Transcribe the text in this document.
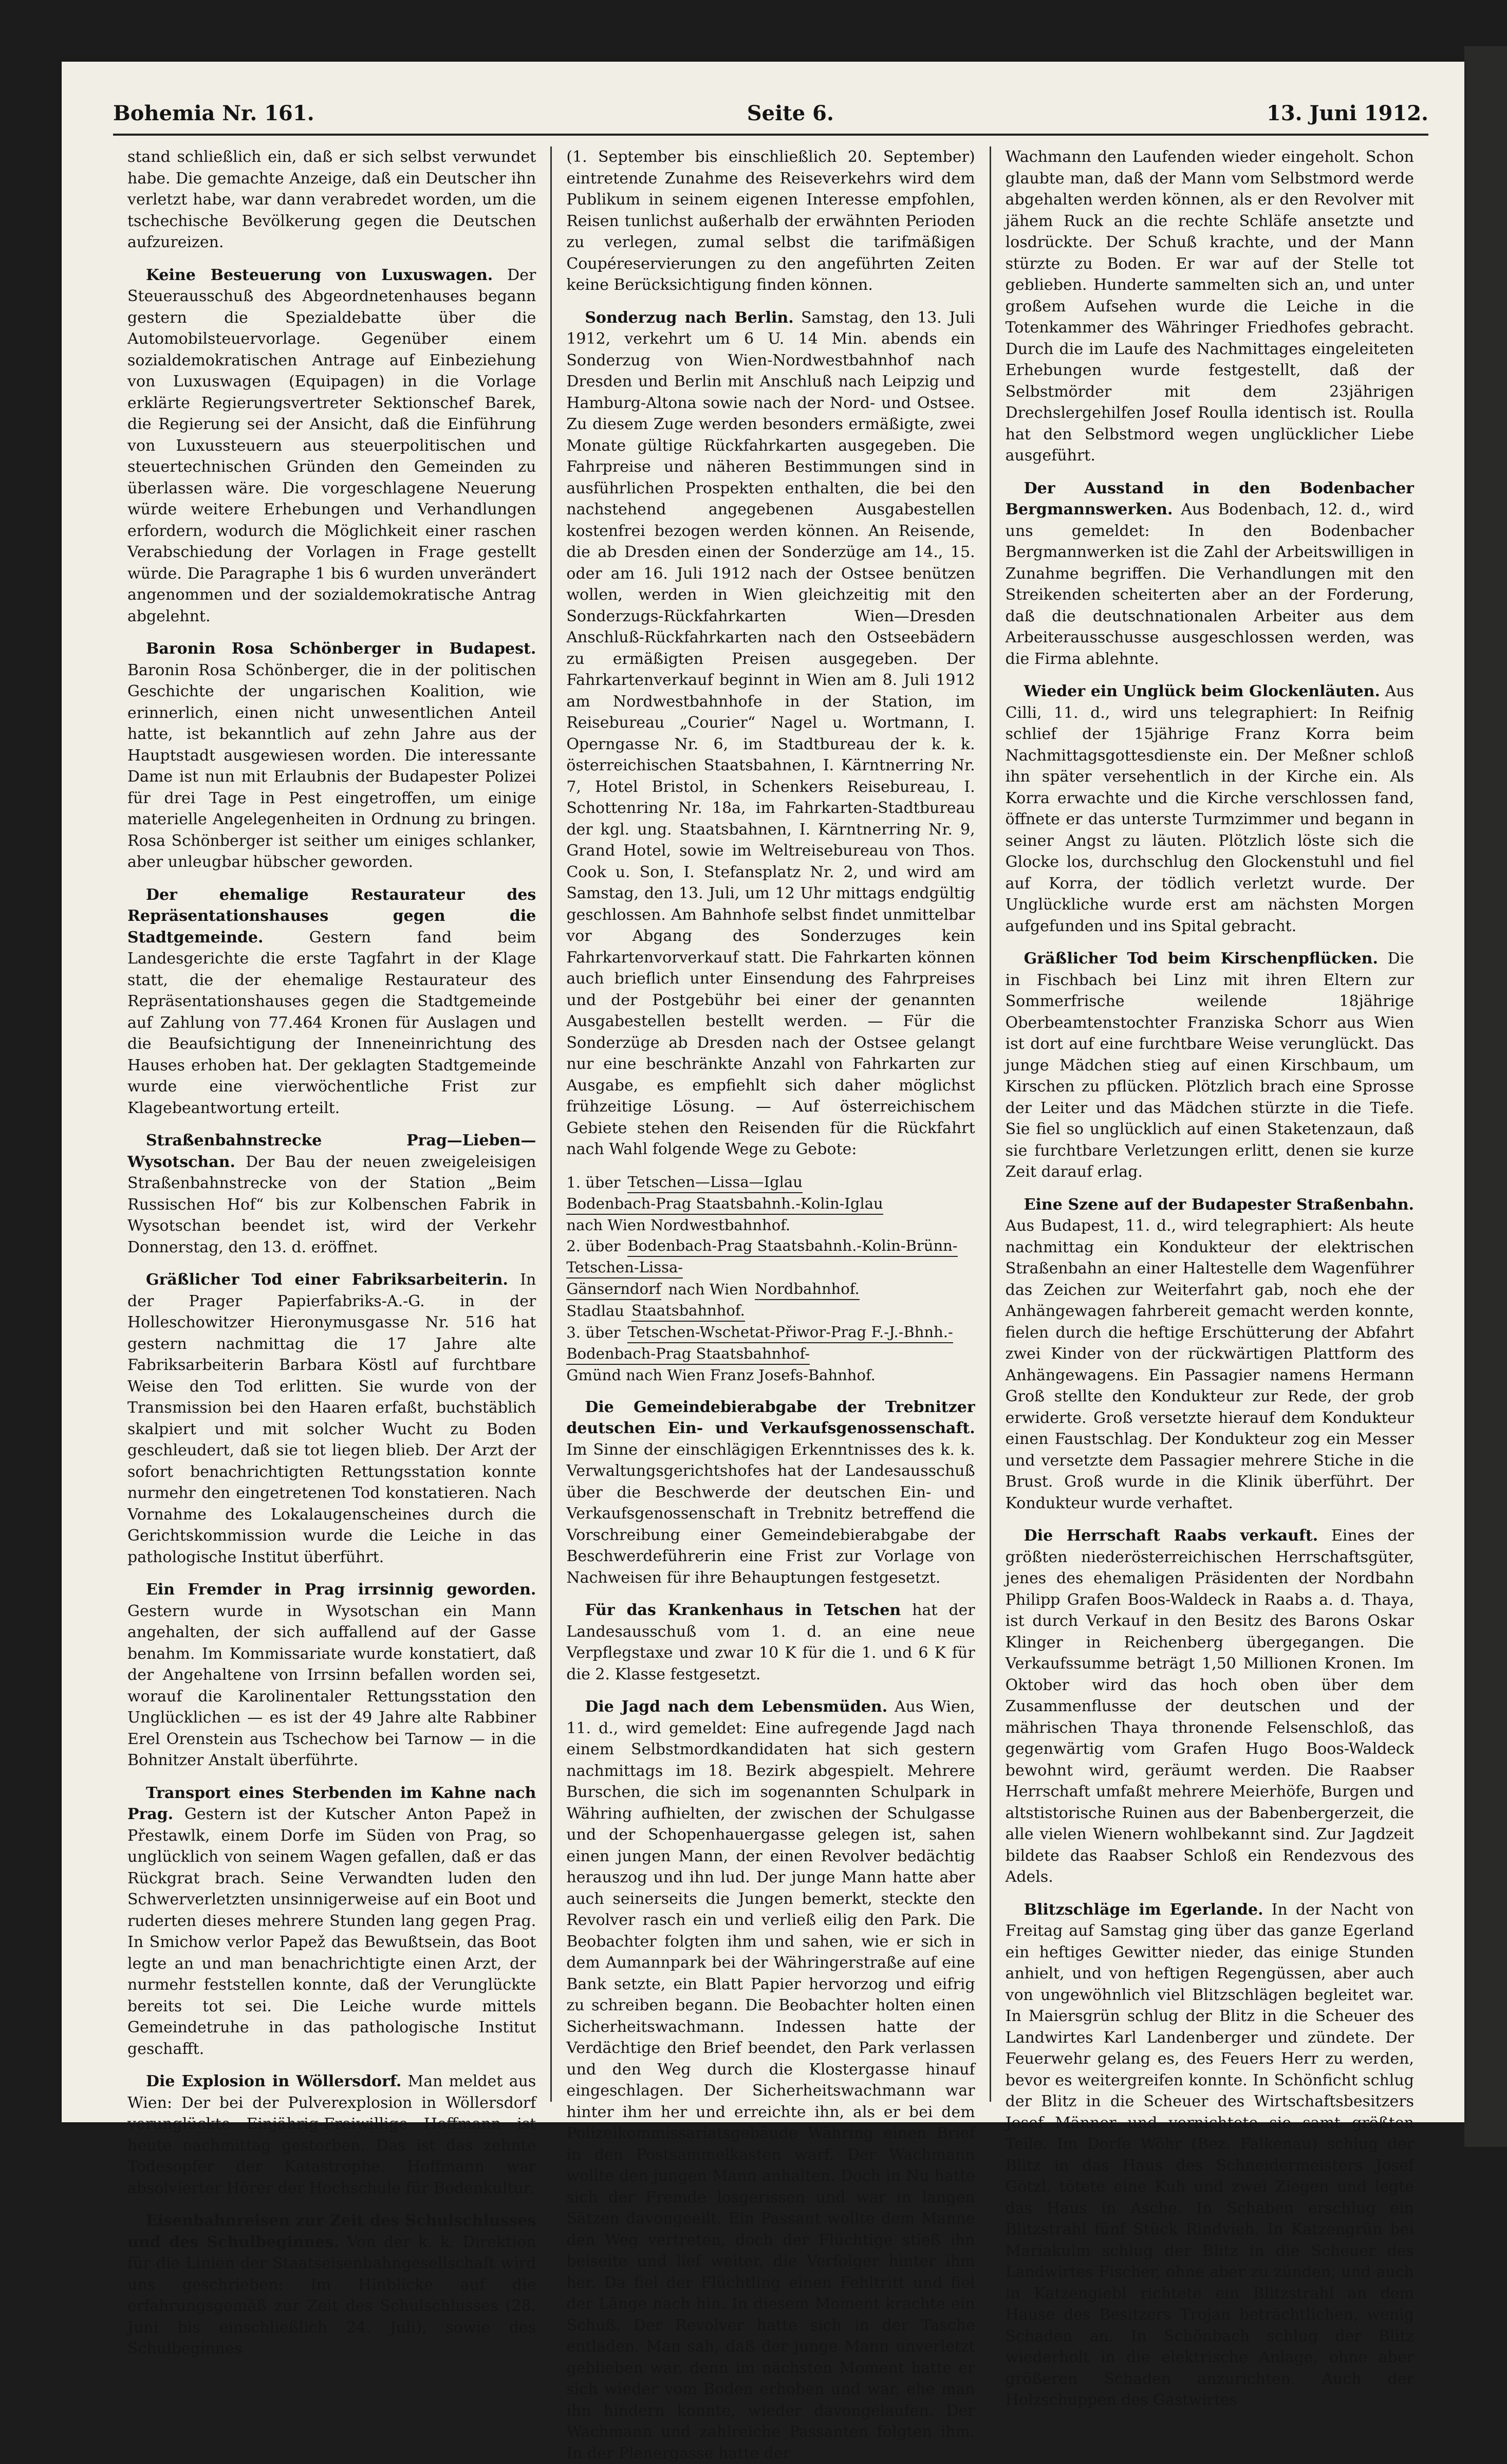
Bohemia Nr. 161.	Seite 6.	13. Juni 1912.

stand schließlich ein, daß er sich selbst verwundet habe. Die gemachte Anzeige, daß ein Deutscher ihn verletzt habe, war dann verabredet worden, um die tschechische Bevölkerung gegen die Deutschen aufzureizen.

Keine Besteuerung von Luxuswagen. Der Steuerausschuß des Abgeordnetenhauses begann gestern die Spezialdebatte über die Automobilsteuervorlage. Gegenüber einem sozialdemokratischen Antrage auf Einbeziehung von Luxuswagen (Equipagen) in die Vorlage erklärte Regierungsvertreter Sektionschef Barek, die Regierung sei der Ansicht, daß die Einführung von Luxussteuern aus steuerpolitischen und steuertechnischen Gründen den Gemeinden zu überlassen wäre. Die vorgeschlagene Neuerung würde weitere Erhebungen und Verhandlungen erfordern, wodurch die Möglichkeit einer raschen Verabschiedung der Vorlagen in Frage gestellt würde. Die Paragraphe 1 bis 6 wurden unverändert angenommen und der sozialdemokratische Antrag abgelehnt.

Baronin Rosa Schönberger in Budapest. Baronin Rosa Schönberger, die in der politischen Geschichte der ungarischen Koalition, wie erinnerlich, einen nicht unwesentlichen Anteil hatte, ist bekanntlich auf zehn Jahre aus der Hauptstadt ausgewiesen worden. Die interessante Dame ist nun mit Erlaubnis der Budapester Polizei für drei Tage in Pest eingetroffen, um einige materielle Angelegenheiten in Ordnung zu bringen. Rosa Schönberger ist seither um einiges schlanker, aber unleugbar hübscher geworden.

Der ehemalige Restaurateur des Repräsentationshauses gegen die Stadtgemeinde.	Gestern fand beim Landesgerichte die erste Tagfahrt in der Klage statt, die der ehemalige Restaurateur des Repräsentationshauses gegen die Stadtgemeinde auf Zahlung von 77.464 Kronen für Auslagen und die Beaufsichtigung der Inneneinrichtung des Hauses erhoben hat. Der geklagten Stadtgemeinde wurde eine vierwöchentliche Frist zur Klagebeantwortung erteilt.

Straßenbahnstrecke Prag—Lieben—Wysotschan. Der Bau der neuen zweigeleisigen Straßenbahnstrecke von der Station „Beim Russischen Hof“ bis zur Kolbenschen Fabrik in Wysotschan beendet ist, wird der Verkehr Donnerstag, den 13. d. eröffnet.

Gräßlicher Tod einer Fabriksarbeiterin. In der Prager Papierfabriks-A.-G. in der Holleschowitzer Hieronymusgasse Nr. 516 hat gestern nachmittag die 17 Jahre alte Fabriksarbeiterin Barbara Köstl auf furchtbare Weise den Tod erlitten. Sie wurde von der Transmission bei den Haaren erfaßt, buchstäblich skalpiert und mit solcher Wucht zu Boden geschleudert, daß sie tot liegen blieb. Der Arzt der sofort benachrichtigten Rettungsstation konnte nurmehr den eingetretenen Tod konstatieren. Nach Vornahme des Lokalaugenscheines durch die Gerichtskommission wurde die Leiche in das pathologische Institut überführt.

Ein Fremder in Prag irrsinnig geworden. Gestern wurde in Wysotschan ein Mann angehalten, der sich auffallend auf der Gasse benahm. Im Kommissariate wurde konstatiert, daß der Angehaltene von Irrsinn befallen worden sei, worauf die Karolinentaler Rettungsstation den Unglücklichen — es ist der 49 Jahre alte Rabbiner Erel Orenstein aus Tschechow bei Tarnow — in die Bohnitzer Anstalt überführte.

Transport eines Sterbenden im Kahne nach Prag. Gestern ist der Kutscher Anton Papež in Přestawlk, einem Dorfe im Süden von Prag, so unglücklich von seinem Wagen gefallen, daß er das Rückgrat brach. Seine Verwandten luden den Schwerverletzten unsinnigerweise auf ein Boot und ruderten dieses mehrere Stunden lang gegen Prag. In Smichow verlor Papež das Bewußtsein, das Boot legte an und man benachrichtigte einen Arzt, der nurmehr feststellen konnte, daß der Verunglückte bereits tot sei. Die Leiche wurde mittels Gemeindetruhe in das pathologische Institut geschafft.

Die Explosion in Wöllersdorf. Man meldet aus Wien: Der bei der Pulverexplosion in Wöllersdorf verunglückte Einjährig-Freiwillige Hoffmann ist heute nachmittag gestorben. Das ist das zehnte Todesopfer der Katastrophe. Hoffmann war absolvierter Hörer der Hochschule für Bodenkultur.

Eisenbahnreisen zur Zeit des Schulschlusses und des Schulbeginnes. Von der k. k. Direktion für die Linien der Staatseisenbahngesellschaft wird uns geschrieben: Im Hinblicke auf die erfahrungsgemäß zur Zeit des Schulschlusses (28. Juni bis einschließlich 24. Juli), sowie des Schulbeginnes

(1. September bis einschließlich 20. September) eintretende Zunahme des Reiseverkehrs wird dem Publikum in seinem eigenen Interesse empfohlen, Reisen tunlichst außerhalb der erwähnten Perioden zu verlegen, zumal selbst die tarifmäßigen Coupéreservierungen zu den angeführten Zeiten keine Berücksichtigung finden können.

Sonderzug nach Berlin. Samstag, den 13. Juli 1912, verkehrt um 6 U. 14 Min. abends ein Sonderzug von Wien-Nordwestbahnhof nach Dresden und Berlin mit Anschluß nach Leipzig und Hamburg-Altona sowie nach der Nord- und Ostsee. Zu diesem Zuge werden besonders ermäßigte, zwei Monate gültige Rückfahrkarten ausgegeben. Die Fahrpreise und näheren Bestimmungen sind in ausführlichen Prospekten enthalten, die bei den nachstehend angegebenen Ausgabestellen kostenfrei bezogen werden können. An Reisende, die ab Dresden einen der Sonderzüge am 14., 15. oder am 16. Juli 1912 nach der Ostsee benützen wollen, werden in Wien gleichzeitig mit den Sonderzugs-Rückfahrkarten Wien—Dresden Anschluß-Rückfahrkarten nach den Ostseebädern zu ermäßigten Preisen ausgegeben. Der Fahrkartenverkauf beginnt in Wien am 8. Juli 1912 am Nordwestbahnhofe in der Station, im Reisebureau „Courier“ Nagel u. Wortmann, I. Operngasse Nr. 6, im Stadtbureau der k. k. österreichischen Staatsbahnen, I. Kärntnerring Nr. 7, Hotel Bristol, in Schenkers Reisebureau, I. Schottenring Nr. 18a, im Fahrkarten-Stadtbureau der kgl. ung. Staatsbahnen, I. Kärntnerring Nr. 9, Grand Hotel, sowie im Weltreisebureau von Thos. Cook u. Son, I. Stefansplatz Nr. 2, und wird am Samstag, den 13. Juli, um 12 Uhr mittags endgültig geschlossen. Am Bahnhofe selbst findet unmittelbar vor Abgang des Sonderzuges kein Fahrkartenvorverkauf statt. Die Fahrkarten können auch brieflich unter Einsendung des Fahrpreises und der Postgebühr bei einer der genannten Ausgabestellen bestellt werden. — Für die Sonderzüge ab Dresden nach der Ostsee gelangt nur eine beschränkte Anzahl von Fahrkarten zur Ausgabe, es empfiehlt sich daher möglichst frühzeitige Lösung. — Auf österreichischem Gebiete stehen den Reisenden für die Rückfahrt nach Wahl folgende Wege zu Gebote:

1. über Tetschen—Lissa—Iglau
Bodenbach-Prag Staatsbahnh.-Kolin-Iglau
nach Wien Nordwestbahnhof.
2. über Bodenbach-Prag Staatsbahnh.-Kolin-Brünn-
Tetschen-Lissa-
Gänserndorf nach Wien Nordbahnhof.
Stadlau Staatsbahnhof.
3. über Tetschen-Wschetat-Přiwor-Prag F.-J.-Bhnh.-
Bodenbach-Prag Staatsbahnhof-
Gmünd nach Wien Franz Josefs-Bahnhof.

Die Gemeindebierabgabe der Trebnitzer deutschen Ein- und Verkaufsgenossenschaft. Im Sinne der einschlägigen Erkenntnisses des k. k. Verwaltungsgerichtshofes hat der Landesausschuß über die Beschwerde der deutschen Ein- und Verkaufsgenossenschaft in Trebnitz betreffend die Vorschreibung einer Gemeindebierabgabe der Beschwerdeführerin eine Frist zur Vorlage von Nachweisen für ihre Behauptungen festgesetzt.

Für das Krankenhaus in Tetschen hat der Landesausschuß vom 1. d. an eine neue Verpflegstaxe und zwar 10 K für die 1. und 6 K für die 2. Klasse festgesetzt.

Die Jagd nach dem Lebensmüden. Aus Wien, 11. d., wird gemeldet: Eine aufregende Jagd nach einem Selbstmordkandidaten hat sich gestern nachmittags im 18. Bezirk abgespielt. Mehrere Burschen, die sich im sogenannten Schulpark in Währing aufhielten, der zwischen der Schulgasse und der Schopenhauergasse gelegen ist, sahen einen jungen Mann, der einen Revolver bedächtig herauszog und ihn lud. Der junge Mann hatte aber auch seinerseits die Jungen bemerkt, steckte den Revolver rasch ein und verließ eilig den Park. Die Beobachter folgten ihm und sahen, wie er sich in dem Aumannpark bei der Währingerstraße auf eine Bank setzte, ein Blatt Papier hervorzog und eifrig zu schreiben begann. Die Beobachter holten einen Sicherheitswachmann. Indessen hatte der Verdächtige den Brief beendet, den Park verlassen und den Weg durch die Klostergasse hinauf eingeschlagen. Der Sicherheitswachmann war hinter ihm her und erreichte ihn, als er bei dem Polizeikommissariatsgebäude Währing einen Brief in den Postsammelkasten warf. Der Wachmann wollte den jungen Mann anhalten. Doch in Nu hatte sich der Fremde losgerissen und war in langen Sätzen davongeeilt. Ein Passant wollte dem Manne den Weg vertreten, doch der Flüchtige stieß ihn beiseite und lief weiter, die Verfolger hinter ihm her. Da fiel der Flüchtling einen Fehltritt und fiel der Länge nach hin. In diesem Moment krachte ein Schuß. Der Revolver hatte sich in der Tasche entladen. Man sah, daß der junge Mann unverletzt geblieben war, denn im nächsten Moment hatte er sich wieder vom Boden erhoben und war, ehe man ihn hindern konnte, wieder davongelaufen. Der Wachmann und zahlreiche Passanten folgten ihm. In der Plenergasse hatte der

Wachmann den Laufenden wieder eingeholt. Schon glaubte man, daß der Mann vom Selbstmord werde abgehalten werden können, als er den Revolver mit jähem Ruck an die rechte Schläfe ansetzte und losdrückte. Der Schuß krachte, und der Mann stürzte zu Boden. Er war auf der Stelle tot geblieben. Hunderte sammelten sich an, und unter großem Aufsehen wurde die Leiche in die Totenkammer des Währinger Friedhofes gebracht. Durch die im Laufe des Nachmittages eingeleiteten Erhebungen wurde festgestellt, daß der Selbstmörder mit dem 23jährigen Drechslergehilfen Josef Roulla identisch ist. Roulla hat den Selbstmord wegen unglücklicher Liebe ausgeführt.

Der Ausstand in den Bodenbacher Bergmannswerken. Aus Bodenbach, 12. d., wird uns gemeldet: In den Bodenbacher Bergmannwerken ist die Zahl der Arbeitswilligen in Zunahme begriffen. Die Verhandlungen mit den Streikenden scheiterten aber an der Forderung, daß die deutschnationalen Arbeiter aus dem Arbeiterausschusse ausgeschlossen werden, was die Firma ablehnte.

Wieder ein Unglück beim Glockenläuten. Aus Cilli, 11. d., wird uns telegraphiert: In Reifnig schlief der 15jährige Franz Korra beim Nachmittagsgottesdienste ein. Der Meßner schloß ihn später versehentlich in der Kirche ein. Als Korra erwachte und die Kirche verschlossen fand, öffnete er das unterste Turmzimmer und begann in seiner Angst zu läuten. Plötzlich löste sich die Glocke los, durchschlug den Glockenstuhl und fiel auf Korra, der tödlich verletzt wurde. Der Unglückliche wurde erst am nächsten Morgen aufgefunden und ins Spital gebracht.

Gräßlicher Tod beim Kirschenpflücken. Die in Fischbach bei Linz mit ihren Eltern zur Sommerfrische weilende 18jährige Oberbeamtenstochter Franziska Schorr aus Wien ist dort auf eine furchtbare Weise verunglückt. Das junge Mädchen stieg auf einen Kirschbaum, um Kirschen zu pflücken. Plötzlich brach eine Sprosse der Leiter und das Mädchen stürzte in die Tiefe. Sie fiel so unglücklich auf einen Staketenzaun, daß sie furchtbare Verletzungen erlitt, denen sie kurze Zeit darauf erlag.

Eine Szene auf der Budapester Straßenbahn. Aus Budapest, 11. d., wird telegraphiert: Als heute nachmittag ein Kondukteur der elektrischen Straßenbahn an einer Haltestelle dem Wagenführer das Zeichen zur Weiterfahrt gab, noch ehe der Anhängewagen fahrbereit gemacht werden konnte, fielen durch die heftige Erschütterung der Abfahrt zwei Kinder von der rückwärtigen Plattform des Anhängewagens. Ein Passagier namens Hermann Groß stellte den Kondukteur zur Rede, der grob erwiderte. Groß versetzte hierauf dem Kondukteur einen Faustschlag. Der Kondukteur zog ein Messer und versetzte dem Passagier mehrere Stiche in die Brust. Groß wurde in die Klinik überführt. Der Kondukteur wurde verhaftet.

Die Herrschaft Raabs verkauft. Eines der größten niederösterreichischen Herrschaftsgüter, jenes des ehemaligen Präsidenten der Nordbahn Philipp Grafen Boos-Waldeck in Raabs a. d. Thaya, ist durch Verkauf in den Besitz des Barons Oskar Klinger in Reichenberg übergegangen. Die Verkaufssumme beträgt 1,50 Millionen Kronen. Im Oktober wird das hoch oben über dem Zusammenflusse der deutschen und der mährischen Thaya thronende Felsenschloß, das gegenwärtig vom Grafen Hugo Boos-Waldeck bewohnt wird, geräumt werden. Die Raabser Herrschaft umfaßt mehrere Meierhöfe, Burgen und altstistorische Ruinen aus der Babenbergerzeit, die alle vielen Wienern wohlbekannt sind. Zur Jagdzeit bildete das Raabser Schloß ein Rendezvous des Adels.

Blitzschläge im Egerlande. In der Nacht von Freitag auf Samstag ging über das ganze Egerland ein heftiges Gewitter nieder, das einige Stunden anhielt, und von heftigen Regengüssen, aber auch von ungewöhnlich viel Blitzschlägen begleitet war. In Maiersgrün schlug der Blitz in die Scheuer des Landwirtes Karl Landenberger und zündete. Der Feuerwehr gelang es, des Feuers Herr zu werden, bevor es weitergreifen konnte. In Schönficht schlug der Blitz in die Scheuer des Wirtschaftsbesitzers Josef Männer und vernichtete sie samt größten Teile. Im Dorfe Wöhr (Bez. Falkenau) schlug der Blitz in das Haus des Schneidermeisters Josef Götzl, tötete eine Kuh und zwei Ziegen und legte das Haus in Asche. In Schaben erschlug ein Blitzstrahl fünf Stück Rindvieh. In Katzengrün bei Mariakulm schlug der Blitz in die Scheuer des Landwirtes Fischer, ohne aber zu zünden, und auch in Katzengiebl richtete ein Blitzstrahl an dem Hause des Besitzers Trojan beträchtlichen, wenig Schaden an. In Schönbach schlug der Blitz wiederholt in die elektrische Anlage, ohne aber größeren Schaden anzurichten. Auch der Holzschuppen des Gastwirtes
